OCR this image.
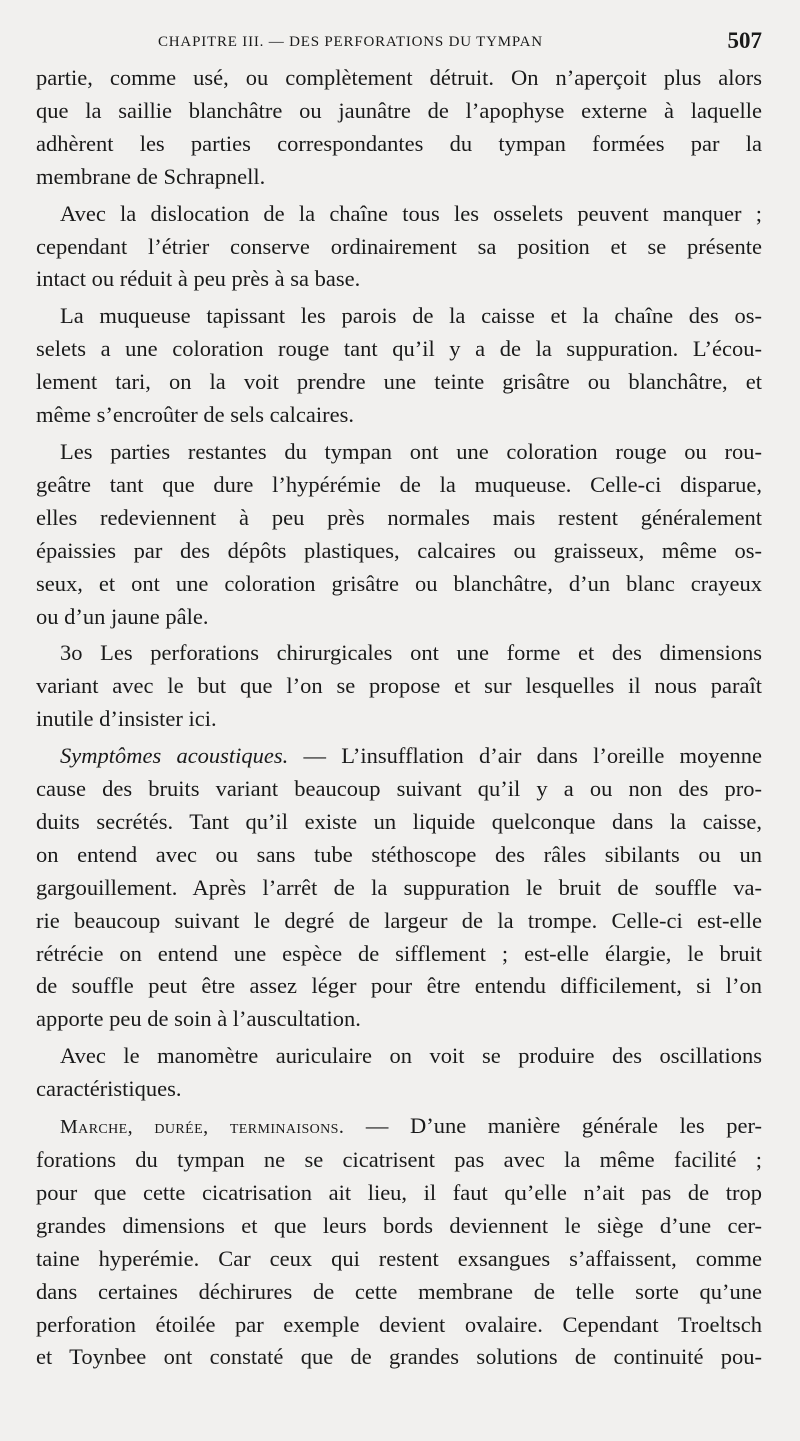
CHAPITRE III. — DES PERFORATIONS DU TYMPAN	507

partie, comme usé, ou complètement détruit. On n’aperçoit plus alors
que la saillie blanchâtre ou jaunâtre de l’apophyse externe à laquelle
adhèrent les parties correspondantes du tympan formées par la
membrane de Schrapnell.

Avec la dislocation de la chaîne tous les osselets peuvent manquer ;
cependant l’étrier conserve ordinairement sa position et se présente
intact ou réduit à peu près à sa base.

La muqueuse tapissant les parois de la caisse et la chaîne des os-
selets a une coloration rouge tant qu’il y a de la suppuration. L’écou-
lement tari, on la voit prendre une teinte grisâtre ou blanchâtre, et
même s’encroûter de sels calcaires.

Les parties restantes du tympan ont une coloration rouge ou rou-
geâtre tant que dure l’hypérémie de la muqueuse. Celle-ci disparue,
elles redeviennent à peu près normales mais restent généralement
épaissies par des dépôts plastiques, calcaires ou graisseux, même os-
seux, et ont une coloration grisâtre ou blanchâtre, d’un blanc crayeux
ou d’un jaune pâle.

3o Les perforations chirurgicales ont une forme et des dimensions
variant avec le but que l’on se propose et sur lesquelles il nous paraît
inutile d’insister ici.

Symptômes acoustiques. — L’insufflation d’air dans l’oreille moyenne
cause des bruits variant beaucoup suivant qu’il y a ou non des pro-
duits secrétés. Tant qu’il existe un liquide quelconque dans la caisse,
on entend avec ou sans tube stéthoscope des râles sibilants ou un
gargouillement. Après l’arrêt de la suppuration le bruit de souffle va-
rie beaucoup suivant le degré de largeur de la trompe. Celle-ci est-elle
rétrécie on entend une espèce de sifflement ; est-elle élargie, le bruit
de souffle peut être assez léger pour être entendu difficilement, si l’on
apporte peu de soin à l’auscultation.

Avec le manomètre auriculaire on voit se produire des oscillations
caractéristiques.

Marche, durée, terminaisons. — D’une manière générale les per-
forations du tympan ne se cicatrisent pas avec la même facilité ;
pour que cette cicatrisation ait lieu, il faut qu’elle n’ait pas de trop
grandes dimensions et que leurs bords deviennent le siège d’une cer-
taine hyperémie. Car ceux qui restent exsangues s’affaissent, comme
dans certaines déchirures de cette membrane de telle sorte qu’une
perforation étoilée par exemple devient ovalaire. Cependant Troeltsch
et Toynbee ont constaté que de grandes solutions de continuité pou-
